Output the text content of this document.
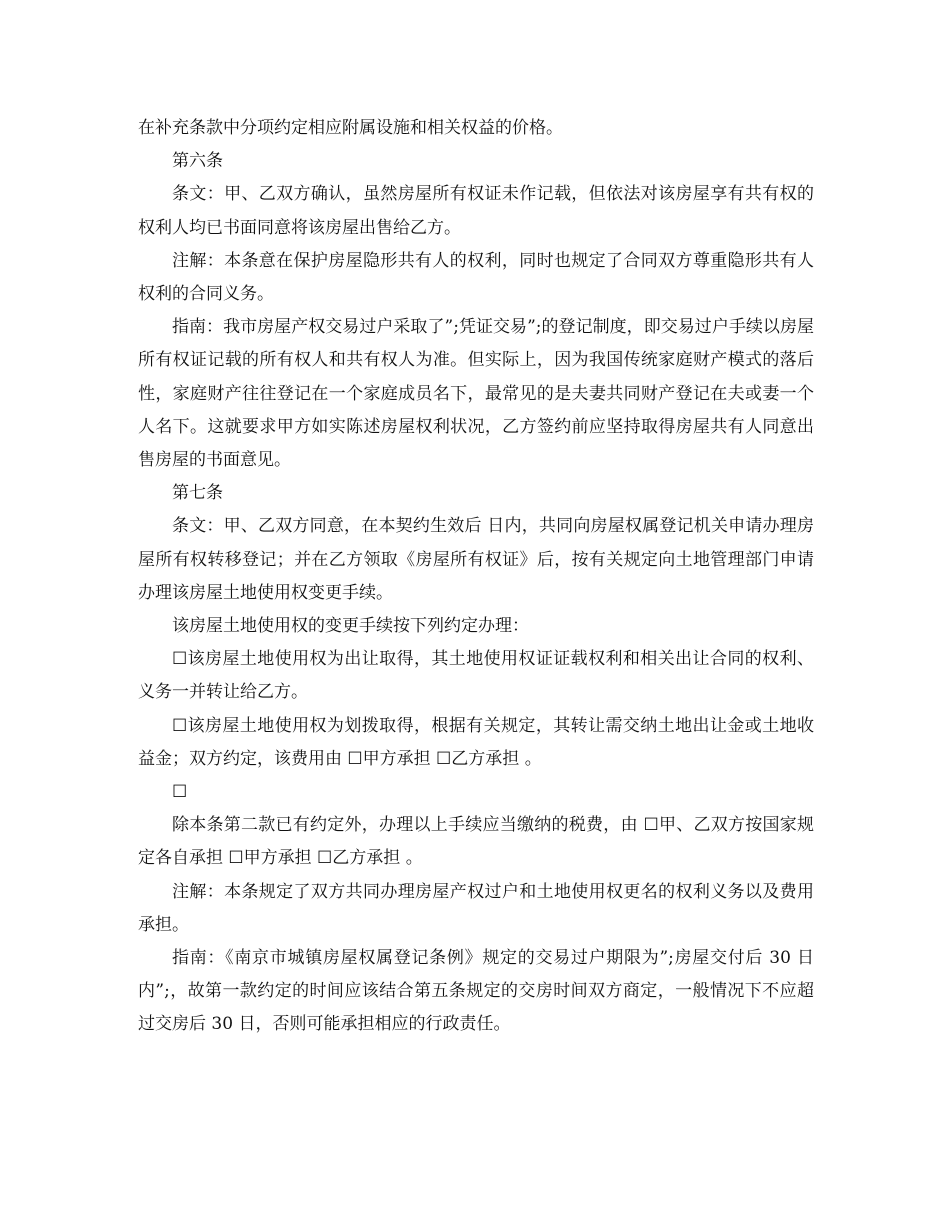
在补充条款中分项约定相应附属设施和相关权益的价格。

第六条

条文：甲、乙双方确认，虽然房屋所有权证未作记载，但依法对该房屋享有共有权的权利人均已书面同意将该房屋出售给乙方。

注解：本条意在保护房屋隐形共有人的权利，同时也规定了合同双方尊重隐形共有人权利的合同义务。

指南：我市房屋产权交易过户采取了”;凭证交易”;的登记制度，即交易过户手续以房屋所有权证记载的所有权人和共有权人为准。但实际上，因为我国传统家庭财产模式的落后性，家庭财产往往登记在一个家庭成员名下，最常见的是夫妻共同财产登记在夫或妻一个人名下。这就要求甲方如实陈述房屋权利状况，乙方签约前应坚持取得房屋共有人同意出售房屋的书面意见。

第七条

条文：甲、乙双方同意，在本契约生效后 日内，共同向房屋权属登记机关申请办理房屋所有权转移登记；并在乙方领取《房屋所有权证》后，按有关规定向土地管理部门申请办理该房屋土地使用权变更手续。

该房屋土地使用权的变更手续按下列约定办理：

☐该房屋土地使用权为出让取得，其土地使用权证证载权利和相关出让合同的权利、义务一并转让给乙方。

☐该房屋土地使用权为划拨取得，根据有关规定，其转让需交纳土地出让金或土地收益金；双方约定，该费用由 ☐甲方承担 ☐乙方承担 。

☐

除本条第二款已有约定外，办理以上手续应当缴纳的税费，由 ☐甲、乙双方按国家规定各自承担 ☐甲方承担 ☐乙方承担 。

注解：本条规定了双方共同办理房屋产权过户和土地使用权更名的权利义务以及费用承担。

指南：《南京市城镇房屋权属登记条例》规定的交易过户期限为”;房屋交付后 30 日内”;，故第一款约定的时间应该结合第五条规定的交房时间双方商定，一般情况下不应超过交房后 30 日，否则可能承担相应的行政责任。
